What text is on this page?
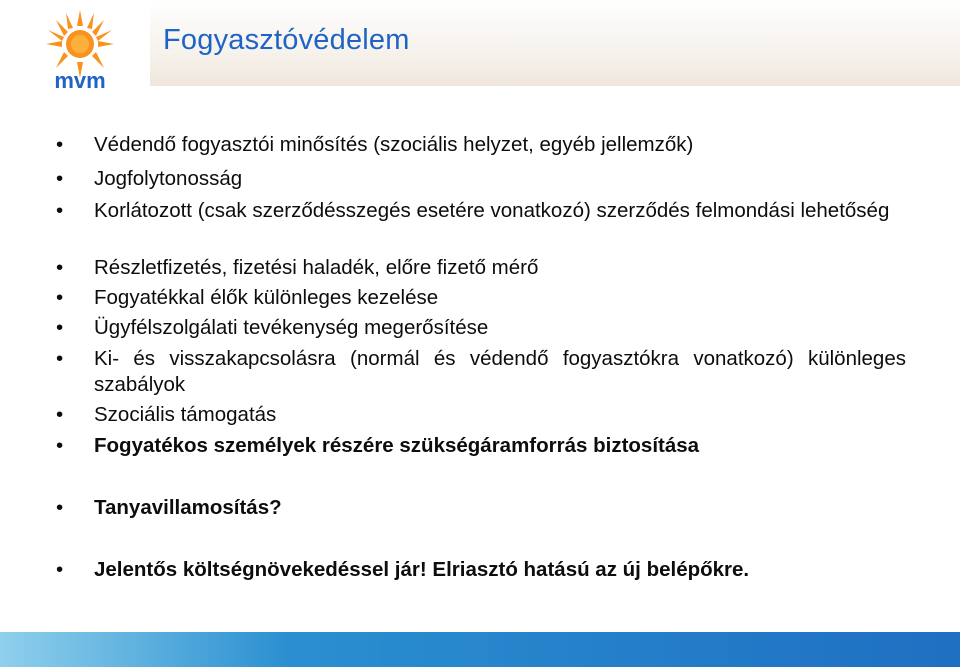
mvm
Fogyasztóvédelem
•	Védendő fogyasztói minősítés (szociális helyzet, egyéb jellemzők)
•	Jogfolytonosság
•	Korlátozott (csak szerződésszegés esetére vonatkozó) szerződés felmondási lehetőség
•	Részletfizetés, fizetési haladék, előre fizető mérő
•	Fogyatékkal élők különleges kezelése
•	Ügyfélszolgálati tevékenység megerősítése
•	Ki- és visszakapcsolásra (normál és védendő fogyasztókra vonatkozó) különleges szabályok
•	Szociális támogatás
•	Fogyatékos személyek részére szükségáramforrás biztosítása
•	Tanyavillamosítás?
•	Jelentős költségnövekedéssel jár! Elriasztó hatású az új belépőkre.
